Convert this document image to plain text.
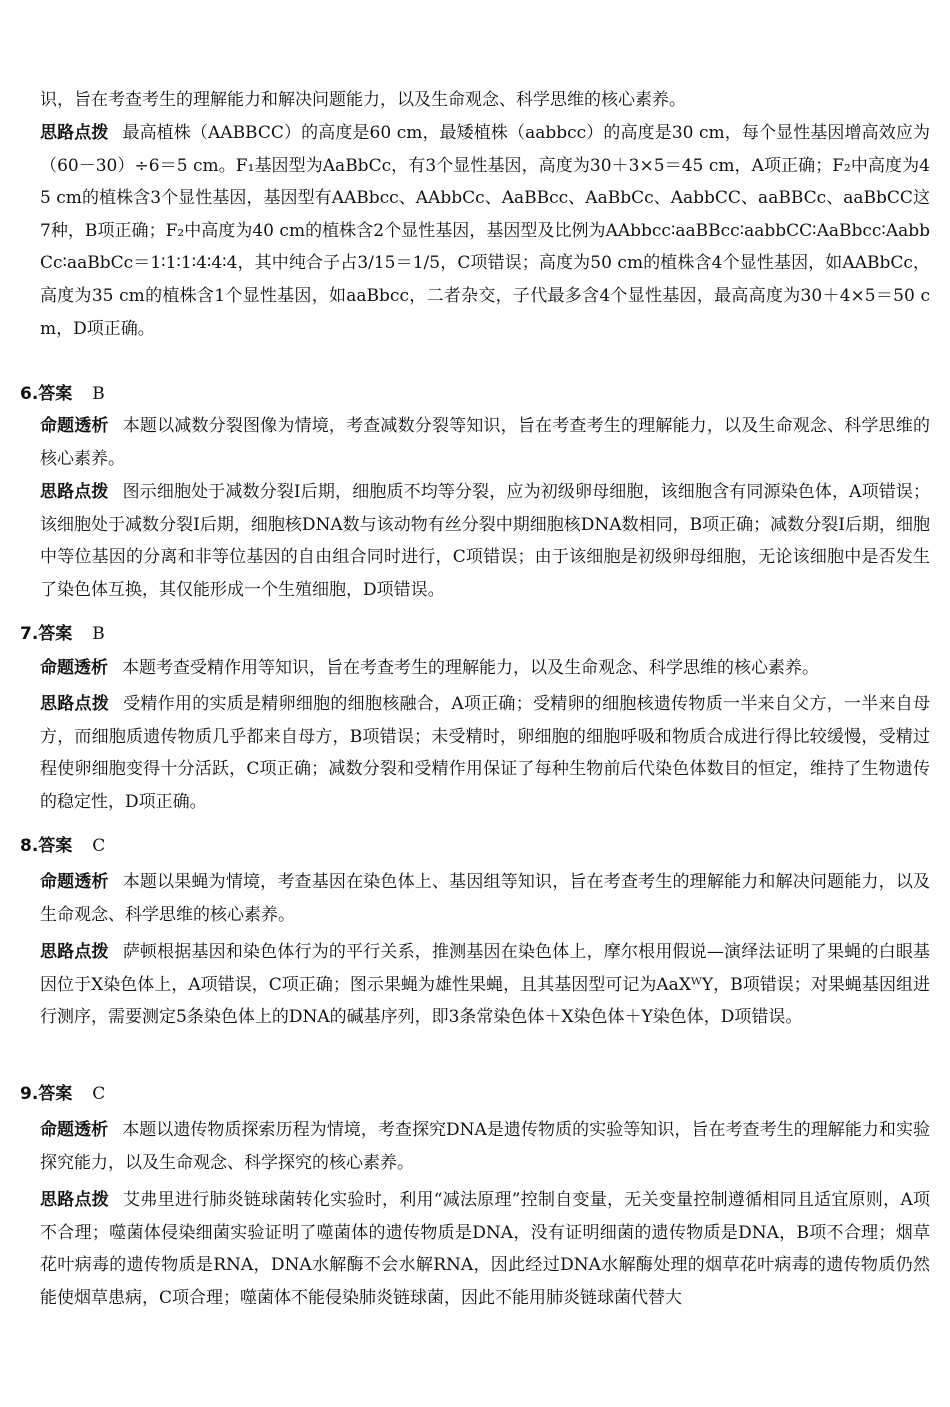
识，旨在考查考生的理解能力和解决问题能力，以及生命观念、科学思维的核心素养。

思路点拨 最高植株（AABBCC）的高度是60 cm，最矮植株（aabbcc）的高度是30 cm，每个显性基因增高效应为（60－30）÷6＝5 cm。F₁基因型为AaBbCc，有3个显性基因，高度为30＋3×5＝45 cm，A项正确；F₂中高度为45 cm的植株含3个显性基因，基因型有AABbcc、AAbbCc、AaBBcc、AaBbCc、AabbCC、aaBBCc、aaBbCC这7种，B项正确；F₂中高度为40 cm的植株含2个显性基因，基因型及比例为AAbbcc∶aaBBcc∶aabbCC∶AaBbcc∶AabbCc∶aaBbCc＝1∶1∶1∶4∶4∶4，其中纯合子占3/15＝1/5，C项错误；高度为50 cm的植株含4个显性基因，如AABbCc，高度为35 cm的植株含1个显性基因，如aaBbcc，二者杂交，子代最多含4个显性基因，最高高度为30＋4×5＝50 cm，D项正确。

6.答案 B

命题透析 本题以减数分裂图像为情境，考查减数分裂等知识，旨在考查考生的理解能力，以及生命观念、科学思维的核心素养。

思路点拨 图示细胞处于减数分裂Ⅰ后期，细胞质不均等分裂，应为初级卵母细胞，该细胞含有同源染色体，A项错误；该细胞处于减数分裂Ⅰ后期，细胞核DNA数与该动物有丝分裂中期细胞核DNA数相同，B项正确；减数分裂Ⅰ后期，细胞中等位基因的分离和非等位基因的自由组合同时进行，C项错误；由于该细胞是初级卵母细胞，无论该细胞中是否发生了染色体互换，其仅能形成一个生殖细胞，D项错误。

7.答案 B

命题透析 本题考查受精作用等知识，旨在考查考生的理解能力，以及生命观念、科学思维的核心素养。

思路点拨 受精作用的实质是精卵细胞的细胞核融合，A项正确；受精卵的细胞核遗传物质一半来自父方，一半来自母方，而细胞质遗传物质几乎都来自母方，B项错误；未受精时，卵细胞的细胞呼吸和物质合成进行得比较缓慢，受精过程使卵细胞变得十分活跃，C项正确；减数分裂和受精作用保证了每种生物前后代染色体数目的恒定，维持了生物遗传的稳定性，D项正确。

8.答案 C

命题透析 本题以果蝇为情境，考查基因在染色体上、基因组等知识，旨在考查考生的理解能力和解决问题能力，以及生命观念、科学思维的核心素养。

思路点拨 萨顿根据基因和染色体行为的平行关系，推测基因在染色体上，摩尔根用假说—演绎法证明了果蝇的白眼基因位于X染色体上，A项错误，C项正确；图示果蝇为雄性果蝇，且其基因型可记为AaXᵂY，B项错误；对果蝇基因组进行测序，需要测定5条染色体上的DNA的碱基序列，即3条常染色体＋X染色体＋Y染色体，D项错误。

9.答案 C

命题透析 本题以遗传物质探索历程为情境，考查探究DNA是遗传物质的实验等知识，旨在考查考生的理解能力和实验探究能力，以及生命观念、科学探究的核心素养。

思路点拨 艾弗里进行肺炎链球菌转化实验时，利用“减法原理”控制自变量，无关变量控制遵循相同且适宜原则，A项不合理；噬菌体侵染细菌实验证明了噬菌体的遗传物质是DNA，没有证明细菌的遗传物质是DNA，B项不合理；烟草花叶病毒的遗传物质是RNA，DNA水解酶不会水解RNA，因此经过DNA水解酶处理的烟草花叶病毒的遗传物质仍然能使烟草患病，C项合理；噬菌体不能侵染肺炎链球菌，因此不能用肺炎链球菌代替大
